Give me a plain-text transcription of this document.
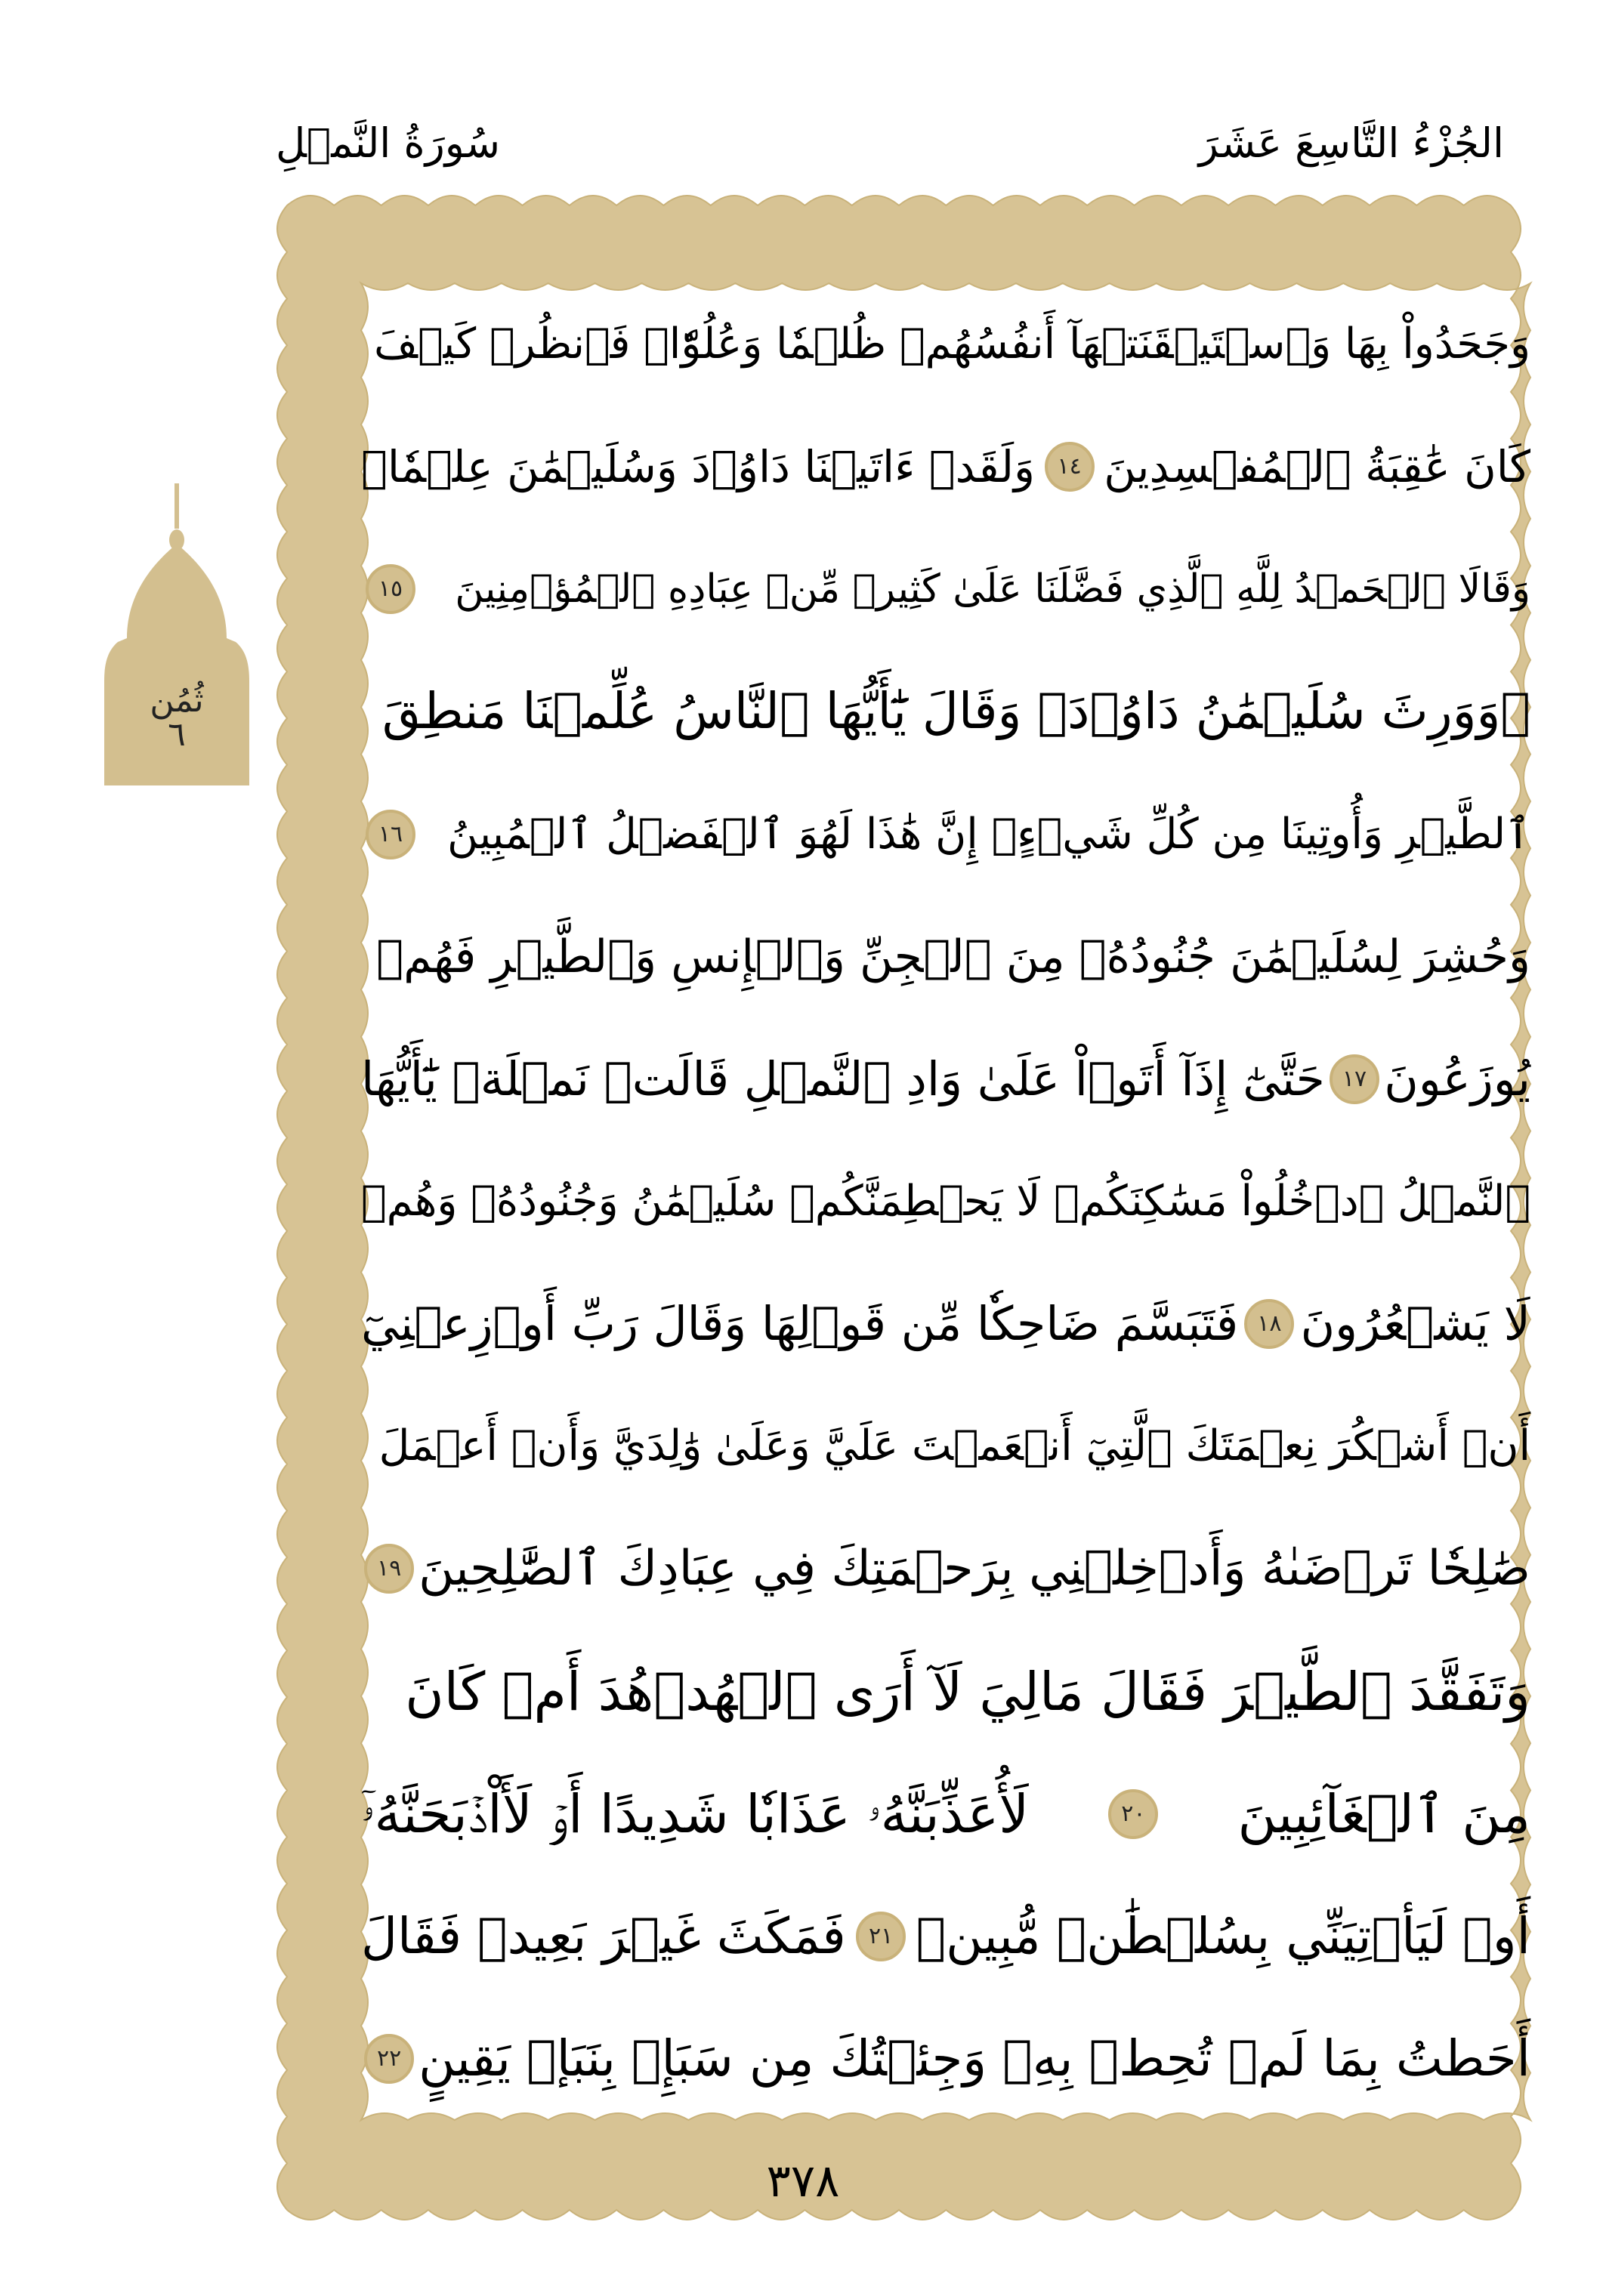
الجُزْءُ التَّاسِعَ عَشَرَ
سُورَةُ النَّمۡلِ
ثُمُن
٦
وَجَحَدُواْ بِهَا وَٱسۡتَيۡقَنَتۡهَآ أَنفُسُهُمۡ ظُلۡمٗا وَعُلُوّٗاۚ فَٱنظُرۡ كَيۡفَ
كَانَ عَٰقِبَةُ ٱلۡمُفۡسِدِينَ
١٤
وَلَقَدۡ ءَاتَيۡنَا دَاوُۥدَ وَسُلَيۡمَٰنَ عِلۡمٗاۖ
وَقَالَا ٱلۡحَمۡدُ لِلَّهِ ٱلَّذِي فَضَّلَنَا عَلَىٰ كَثِيرٖ مِّنۡ عِبَادِهِ ٱلۡمُؤۡمِنِينَ
١٥
۞وَوَرِثَ سُلَيۡمَٰنُ دَاوُۥدَۖ وَقَالَ يَٰٓأَيُّهَا ٱلنَّاسُ عُلِّمۡنَا مَنطِقَ
ٱلطَّيۡرِ وَأُوتِينَا مِن كُلِّ شَيۡءٍۖ إِنَّ هَٰذَا لَهُوَ ٱلۡفَضۡلُ ٱلۡمُبِينُ
١٦
وَحُشِرَ لِسُلَيۡمَٰنَ جُنُودُهُۥ مِنَ ٱلۡجِنِّ وَٱلۡإِنسِ وَٱلطَّيۡرِ فَهُمۡ
يُوزَعُونَ
١٧
حَتَّىٰٓ إِذَآ أَتَوۡاْ عَلَىٰ وَادِ ٱلنَّمۡلِ قَالَتۡ نَمۡلَةٞ يَٰٓأَيُّهَا
ٱلنَّمۡلُ ٱدۡخُلُواْ مَسَٰكِنَكُمۡ لَا يَحۡطِمَنَّكُمۡ سُلَيۡمَٰنُ وَجُنُودُهُۥ وَهُمۡ
لَا يَشۡعُرُونَ
١٨
فَتَبَسَّمَ ضَاحِكٗا مِّن قَوۡلِهَا وَقَالَ رَبِّ أَوۡزِعۡنِيٓ
أَنۡ أَشۡكُرَ نِعۡمَتَكَ ٱلَّتِيٓ أَنۡعَمۡتَ عَلَيَّ وَعَلَىٰ وَٰلِدَيَّ وَأَنۡ أَعۡمَلَ
صَٰلِحٗا تَرۡضَىٰهُ وَأَدۡخِلۡنِي بِرَحۡمَتِكَ فِي عِبَادِكَ ٱلصَّٰلِحِينَ
١٩
وَتَفَقَّدَ ٱلطَّيۡرَ فَقَالَ مَالِيَ لَآ أَرَى ٱلۡهُدۡهُدَ أَمۡ كَانَ
مِنَ ٱلۡغَآئِبِينَ
٢٠
لَأُعَذِّبَنَّهُۥ عَذَابٗا شَدِيدًا أَوۡ لَأَاْذۡبَحَنَّهُۥٓ
أَوۡ لَيَأۡتِيَنِّي بِسُلۡطَٰنٖ مُّبِينٖ
٢١
فَمَكَثَ غَيۡرَ بَعِيدٖ فَقَالَ
أَحَطتُ بِمَا لَمۡ تُحِطۡ بِهِۦ وَجِئۡتُكَ مِن سَبَإِۭ بِنَبَإٖ يَقِينٍ
٢٢
٣٧٨
